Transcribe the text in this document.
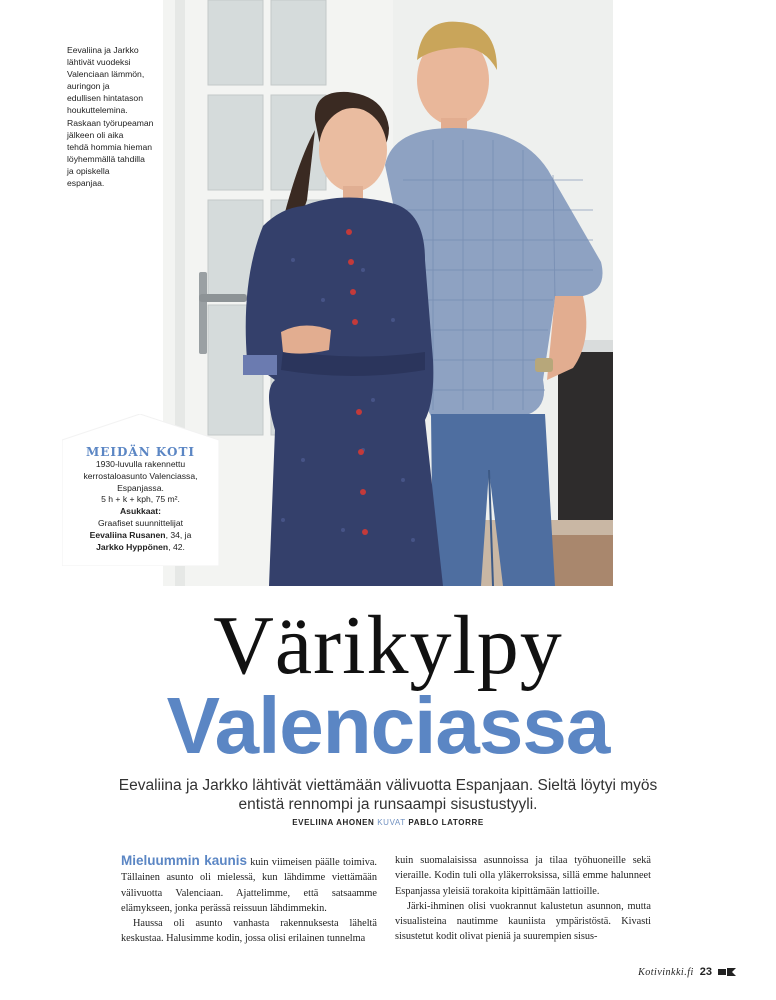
Eevaliina ja Jarkko
lähtivät vuodeksi
Valenciaan lämmön,
auringon ja
edullisen hintatason
houkuttelemina.
Raskaan työrupeaman
jälkeen oli aika
tehdä hommia hieman
löyhemmällä tahdilla
ja opiskella
espanjaa.
MEIDÄN KOTI
1930-luvulla rakennettu
kerrostaloasunto Valenciassa,
Espanjassa.
5 h + k + kph, 75 m².
Asukkaat:
Graafiset suunnittelijat
Eevaliina Rusanen, 34, ja
Jarkko Hyppönen, 42.
Värikylpy
Valenciassa
Eevaliina ja Jarkko lähtivät viettämään välivuotta Espanjaan. Sieltä löytyi myös entistä rennompi ja runsaampi sisustustyyli.
EVELIINA AHONEN KUVAT PABLO LATORRE

Mieluummin kaunis kuin viimeisen päälle toimiva. Tällainen asunto oli mielessä, kun lähdimme viettämään välivuotta Valenciaan. Ajattelimme, että satsaamme elämykseen, jonka perässä reissuun lähdimmekin.

Haussa oli asunto vanhasta rakennuksesta läheltä keskustaa. Halusimme kodin, jossa olisi erilainen tunnelma

kuin suomalaisissa asunnoissa ja tilaa työhuoneille sekä vieraille. Kodin tuli olla yläkerroksissa, sillä emme halunneet Espanjassa yleisiä torakoita kipittämään lattioille.

Järki-ihminen olisi vuokrannut kalustetun asunnon, mutta visualisteina nautimme kauniista ympäristöstä. Kivasti sisustetut kodit olivat pieniä ja suurempien sisus-

Kotivinkki.fi 23
